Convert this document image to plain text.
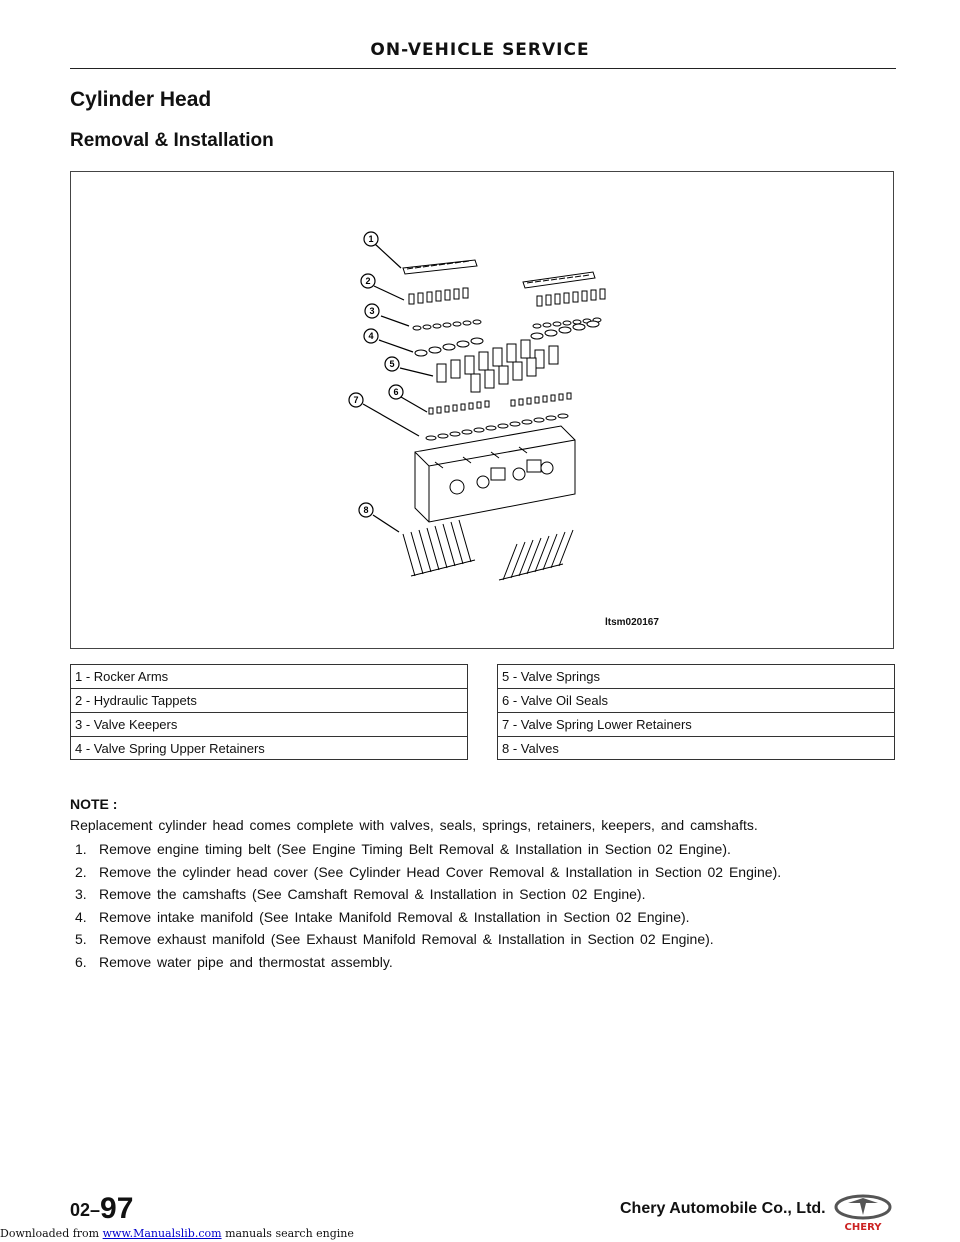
ON-VEHICLE SERVICE
Cylinder Head
Removal & Installation
1
2
3
4
5
6
7
8
ltsm020167
1 - Rocker Arms
2 - Hydraulic Tappets
3 - Valve Keepers
4 - Valve Spring Upper Retainers
5 - Valve Springs
6 - Valve Oil Seals
7 - Valve Spring Lower Retainers
8 - Valves
NOTE :
Replacement cylinder head comes complete with valves, seals, springs, retainers, keepers, and camshafts.
1. Remove engine timing belt (See Engine Timing Belt Removal & Installation in Section 02 Engine).
2. Remove the cylinder head cover (See Cylinder Head Cover Removal & Installation in Section 02 Engine).
3. Remove the camshafts (See Camshaft Removal & Installation in Section 02 Engine).
4. Remove intake manifold (See Intake Manifold Removal & Installation in Section 02 Engine).
5. Remove exhaust manifold (See Exhaust Manifold Removal & Installation in Section 02 Engine).
6. Remove water pipe and thermostat assembly.
02–97	Chery Automobile Co., Ltd.
CHERY
Downloaded from www.Manualslib.com manuals search engine
